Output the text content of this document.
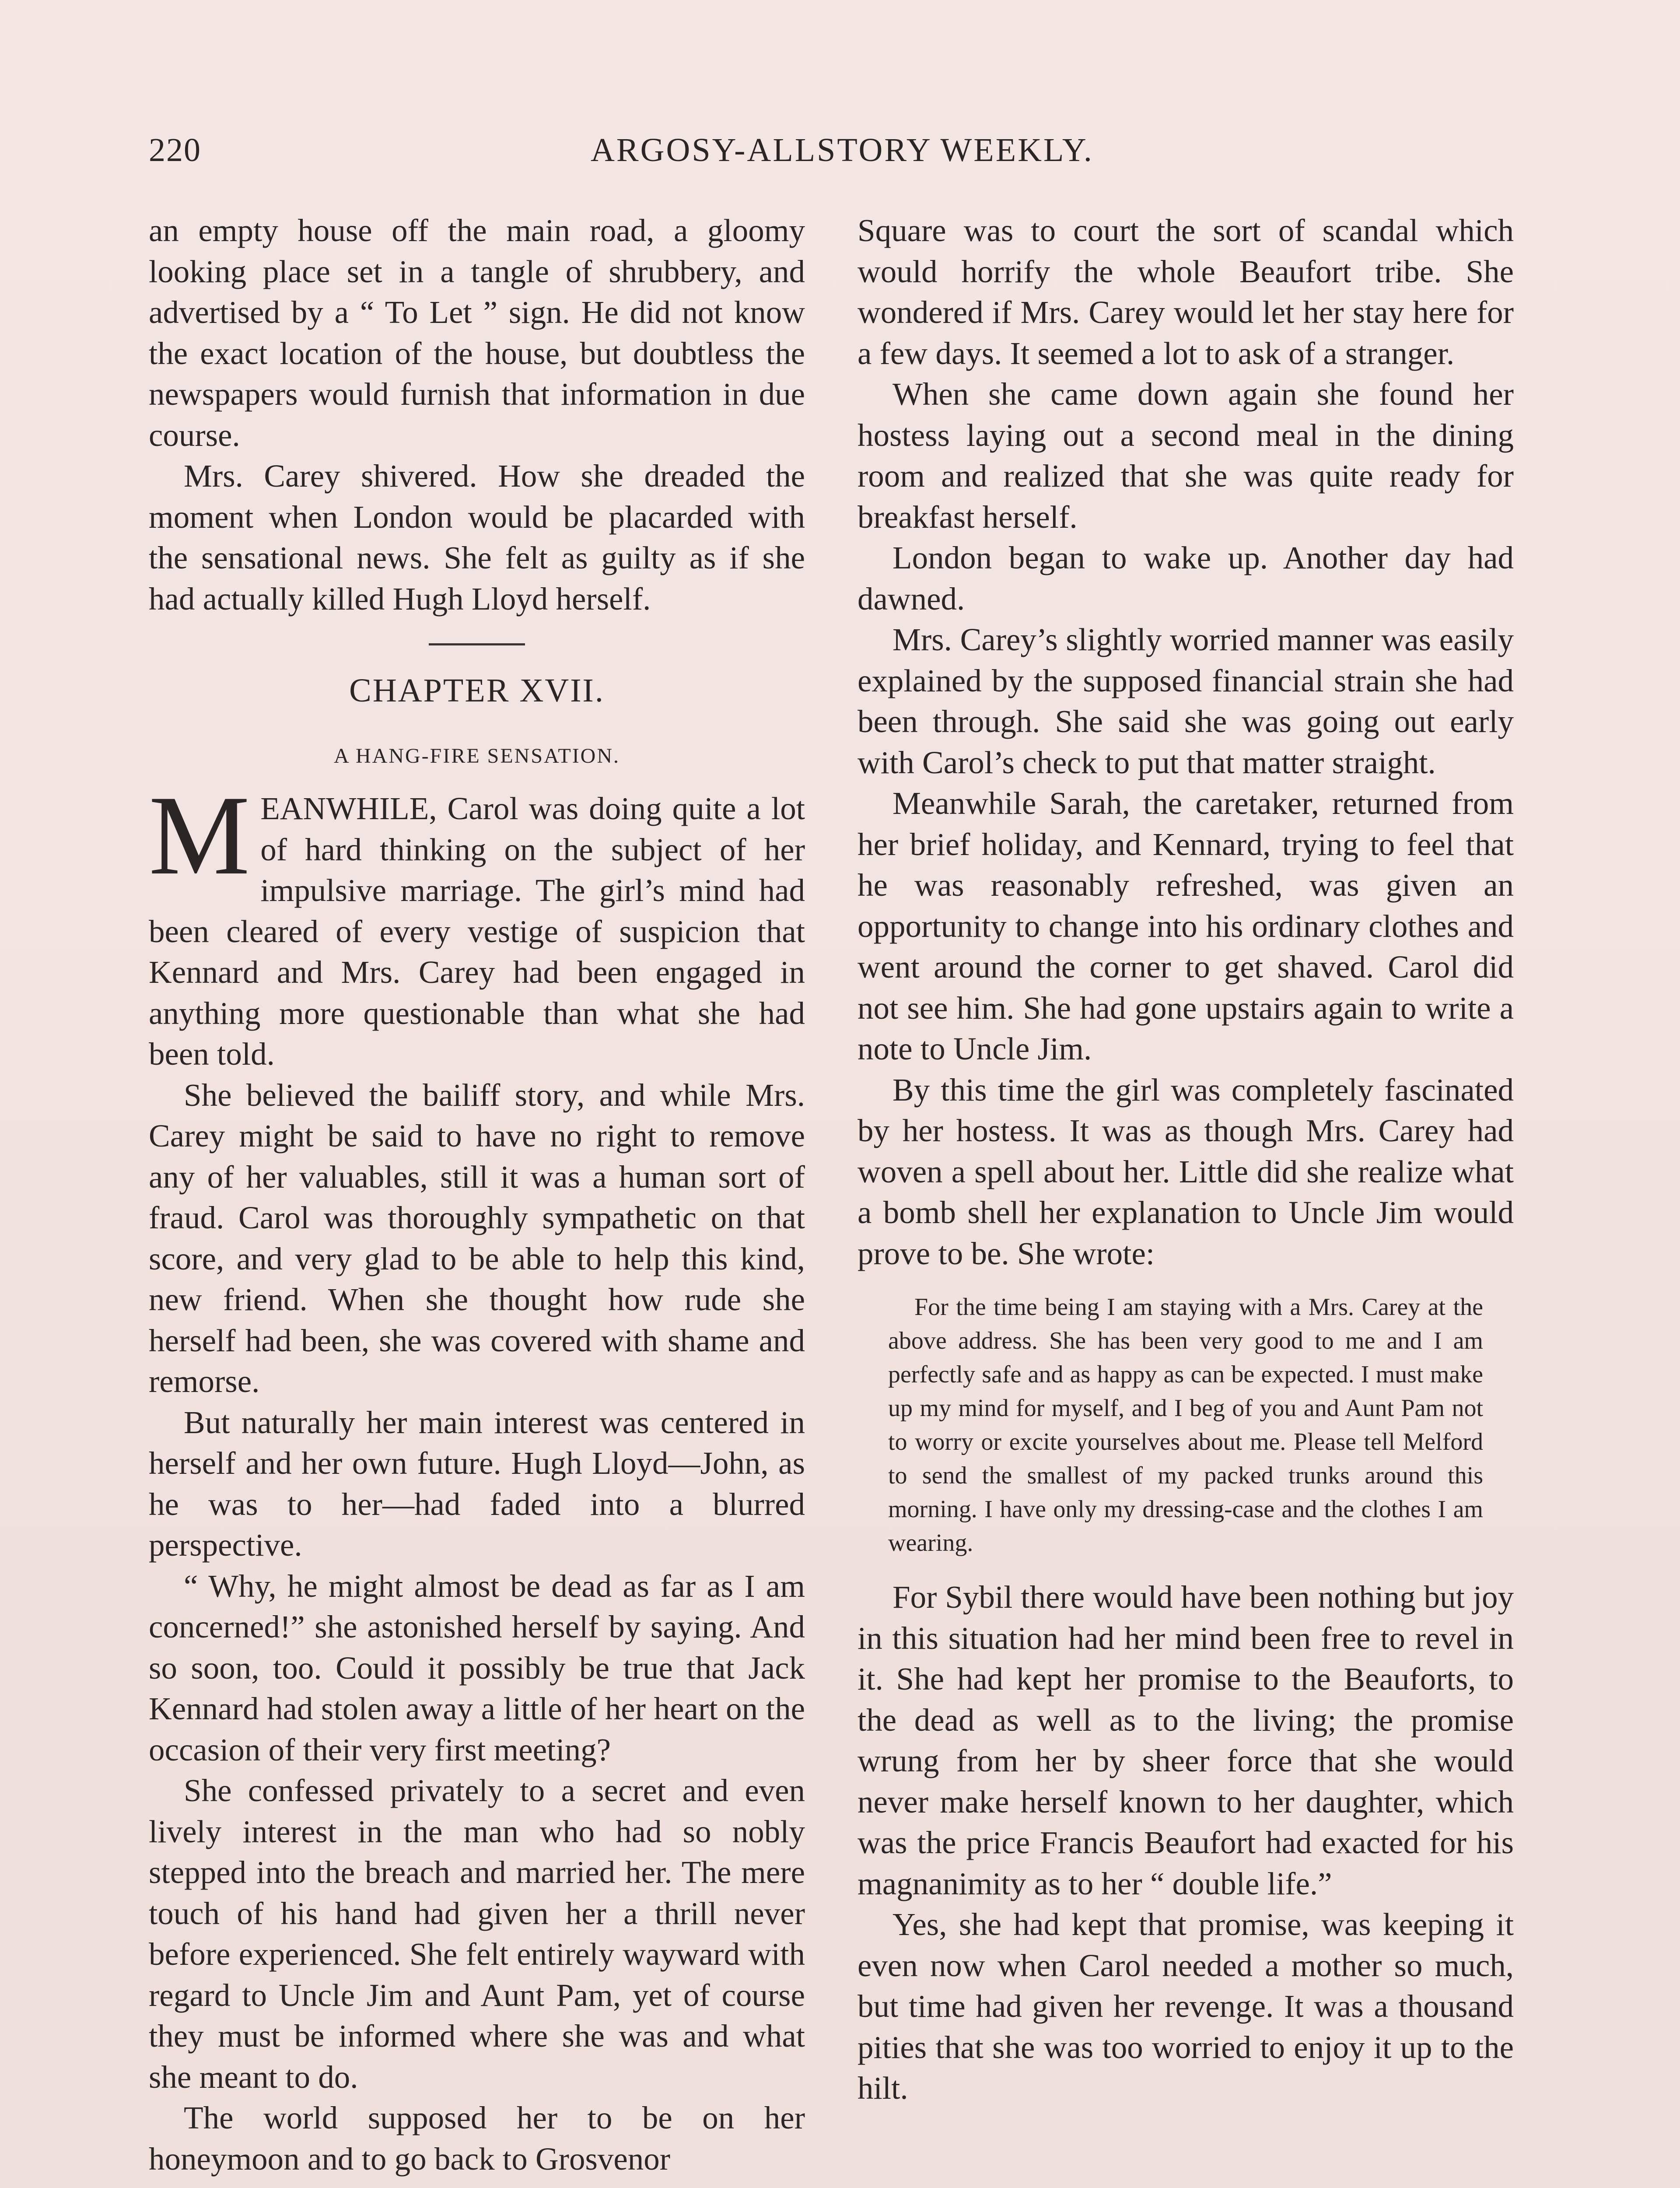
220	ARGOSY-ALLSTORY WEEKLY.

an empty house off the main road, a gloomy looking place set in a tangle of shrubbery, and advertised by a “ To Let ” sign. He did not know the exact location of the house, but doubtless the newspapers would furnish that information in due course.

Mrs. Carey shivered. How she dreaded the moment when London would be placarded with the sensational news. She felt as guilty as if she had actually killed Hugh Lloyd herself.

CHAPTER XVII.
A HANG-FIRE SENSATION.

MEANWHILE, Carol was doing quite a lot of hard thinking on the subject of her impulsive marriage. The girl’s mind had been cleared of every vestige of suspicion that Kennard and Mrs. Carey had been engaged in anything more questionable than what she had been told.

She believed the bailiff story, and while Mrs. Carey might be said to have no right to remove any of her valuables, still it was a human sort of fraud. Carol was thoroughly sympathetic on that score, and very glad to be able to help this kind, new friend. When she thought how rude she herself had been, she was covered with shame and remorse.

But naturally her main interest was centered in herself and her own future. Hugh Lloyd—John, as he was to her—had faded into a blurred perspective.

“ Why, he might almost be dead as far as I am concerned!” she astonished herself by saying. And so soon, too. Could it possibly be true that Jack Kennard had stolen away a little of her heart on the occasion of their very first meeting?

She confessed privately to a secret and even lively interest in the man who had so nobly stepped into the breach and married her. The mere touch of his hand had given her a thrill never before experienced. She felt entirely wayward with regard to Uncle Jim and Aunt Pam, yet of course they must be informed where she was and what she meant to do.

The world supposed her to be on her honeymoon and to go back to Grosvenor

Square was to court the sort of scandal which would horrify the whole Beaufort tribe. She wondered if Mrs. Carey would let her stay here for a few days. It seemed a lot to ask of a stranger.

When she came down again she found her hostess laying out a second meal in the dining room and realized that she was quite ready for breakfast herself.

London began to wake up. Another day had dawned.

Mrs. Carey’s slightly worried manner was easily explained by the supposed financial strain she had been through. She said she was going out early with Carol’s check to put that matter straight.

Meanwhile Sarah, the caretaker, returned from her brief holiday, and Kennard, trying to feel that he was reasonably refreshed, was given an opportunity to change into his ordinary clothes and went around the corner to get shaved. Carol did not see him. She had gone upstairs again to write a note to Uncle Jim.

By this time the girl was completely fascinated by her hostess. It was as though Mrs. Carey had woven a spell about her. Little did she realize what a bomb shell her explanation to Uncle Jim would prove to be. She wrote:

For the time being I am staying with a Mrs. Carey at the above address. She has been very good to me and I am perfectly safe and as happy as can be expected. I must make up my mind for myself, and I beg of you and Aunt Pam not to worry or excite yourselves about me. Please tell Melford to send the smallest of my packed trunks around this morning. I have only my dressing-case and the clothes I am wearing.

For Sybil there would have been nothing but joy in this situation had her mind been free to revel in it. She had kept her promise to the Beauforts, to the dead as well as to the living; the promise wrung from her by sheer force that she would never make herself known to her daughter, which was the price Francis Beaufort had exacted for his magnanimity as to her “ double life.”

Yes, she had kept that promise, was keeping it even now when Carol needed a mother so much, but time had given her revenge. It was a thousand pities that she was too worried to enjoy it up to the hilt.
